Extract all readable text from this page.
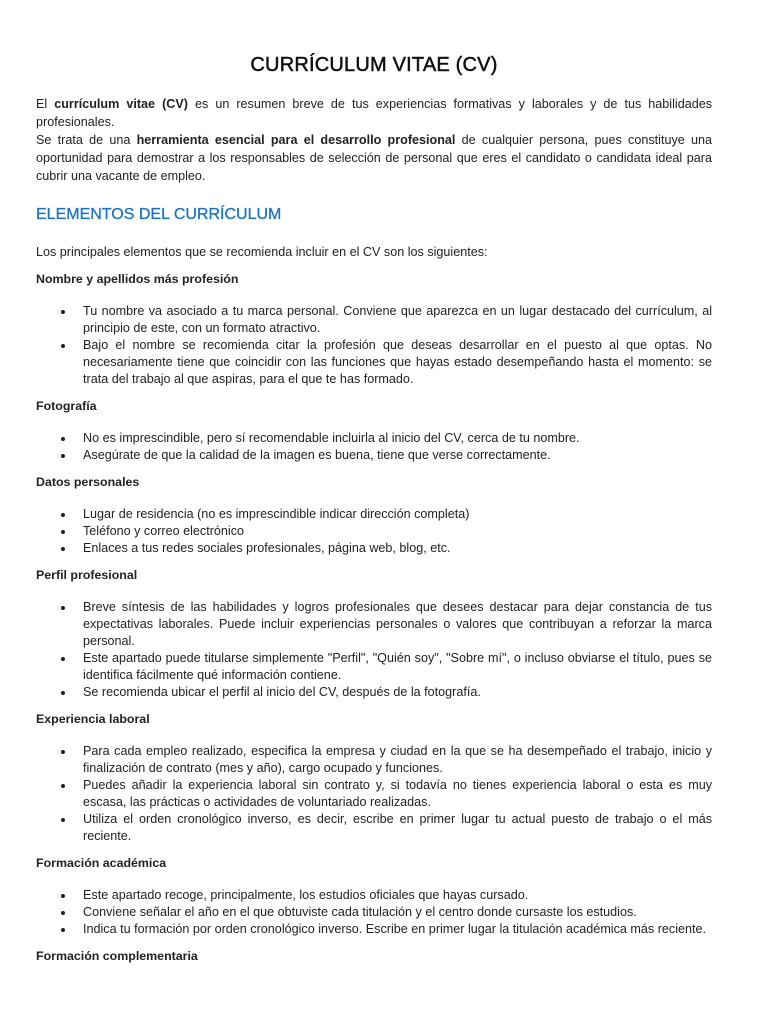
CURRÍCULUM VITAE (CV)

El currículum vitae (CV) es un resumen breve de tus experiencias formativas y laborales y de tus habilidades profesionales.

Se trata de una herramienta esencial para el desarrollo profesional de cualquier persona, pues constituye una oportunidad para demostrar a los responsables de selección de personal que eres el candidato o candidata ideal para cubrir una vacante de empleo.

ELEMENTOS DEL CURRÍCULUM

Los principales elementos que se recomienda incluir en el CV son los siguientes:

Nombre y apellidos más profesión
Tu nombre va asociado a tu marca personal. Conviene que aparezca en un lugar destacado del currículum, al principio de este, con un formato atractivo.
Bajo el nombre se recomienda citar la profesión que deseas desarrollar en el puesto al que optas. No necesariamente tiene que coincidir con las funciones que hayas estado desempeñando hasta el momento: se trata del trabajo al que aspiras, para el que te has formado.
Fotografía
No es imprescindible, pero sí recomendable incluirla al inicio del CV, cerca de tu nombre.
Asegúrate de que la calidad de la imagen es buena, tiene que verse correctamente.
Datos personales
Lugar de residencia (no es imprescindible indicar dirección completa)
Teléfono y correo electrónico
Enlaces a tus redes sociales profesionales, página web, blog, etc.
Perfil profesional
Breve síntesis de las habilidades y logros profesionales que desees destacar para dejar constancia de tus expectativas laborales. Puede incluir experiencias personales o valores que contribuyan a reforzar la marca personal.
Este apartado puede titularse simplemente "Perfil", "Quién soy", "Sobre mí", o incluso obviarse el título, pues se identifica fácilmente qué información contiene.
Se recomienda ubicar el perfil al inicio del CV, después de la fotografía.
Experiencia laboral
Para cada empleo realizado, especifica la empresa y ciudad en la que se ha desempeñado el trabajo, inicio y finalización de contrato (mes y año), cargo ocupado y funciones.
Puedes añadir la experiencia laboral sin contrato y, si todavía no tienes experiencia laboral o esta es muy escasa, las prácticas o actividades de voluntariado realizadas.
Utiliza el orden cronológico inverso, es decir, escribe en primer lugar tu actual puesto de trabajo o el más reciente.
Formación académica
Este apartado recoge, principalmente, los estudios oficiales que hayas cursado.
Conviene señalar el año en el que obtuviste cada titulación y el centro donde cursaste los estudios.
Indica tu formación por orden cronológico inverso. Escribe en primer lugar la titulación académica más reciente.
Formación complementaria
